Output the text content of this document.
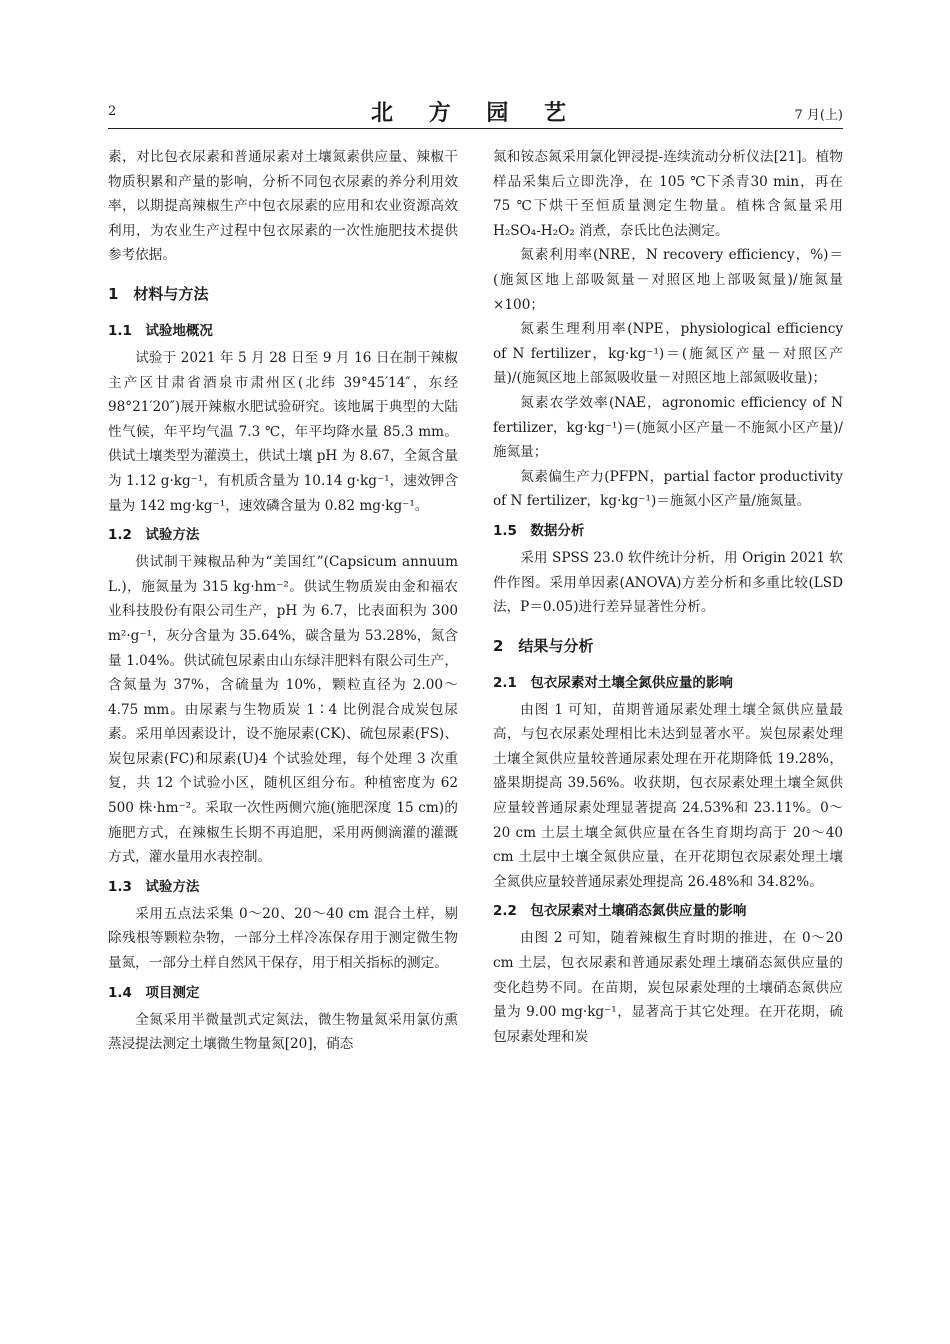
2	北 方 园 艺	7 月(上)

素，对比包衣尿素和普通尿素对土壤氮素供应量、辣椒干物质积累和产量的影响，分析不同包衣尿素的养分利用效率，以期提高辣椒生产中包衣尿素的应用和农业资源高效利用，为农业生产过程中包衣尿素的一次性施肥技术提供参考依据。

1　材料与方法
1.1　试验地概况

试验于 2021 年 5 月 28 日至 9 月 16 日在制干辣椒主产区甘肃省酒泉市肃州区(北纬 39°45′14″，东经 98°21′20″)展开辣椒水肥试验研究。该地属于典型的大陆性气候，年平均气温 7.3 ℃，年平均降水量 85.3 mm。供试土壤类型为灌漠土，供试土壤 pH 为 8.67，全氮含量为 1.12 g·kg⁻¹，有机质含量为 10.14 g·kg⁻¹，速效钾含量为 142 mg·kg⁻¹，速效磷含量为 0.82 mg·kg⁻¹。

1.2　试验方法

供试制干辣椒品种为“美国红”(Capsicum annuum L.)，施氮量为 315 kg·hm⁻²。供试生物质炭由金和福农业科技股份有限公司生产，pH 为 6.7，比表面积为 300 m²·g⁻¹，灰分含量为 35.64%，碳含量为 53.28%，氮含量 1.04%。供试硫包尿素由山东绿沣肥料有限公司生产，含氮量为 37%，含硫量为 10%，颗粒直径为 2.00～4.75 mm。由尿素与生物质炭 1∶4 比例混合成炭包尿素。采用单因素设计，设不施尿素(CK)、硫包尿素(FS)、炭包尿素(FC)和尿素(U)4 个试验处理，每个处理 3 次重复，共 12 个试验小区，随机区组分布。种植密度为 62 500 株·hm⁻²。采取一次性两侧穴施(施肥深度 15 cm)的施肥方式，在辣椒生长期不再追肥，采用两侧滴灌的灌溉方式，灌水量用水表控制。

1.3　试验方法

采用五点法采集 0～20、20～40 cm 混合土样，剔除残根等颗粒杂物，一部分土样冷冻保存用于测定微生物量氮，一部分土样自然风干保存，用于相关指标的测定。

1.4　项目测定

全氮采用半微量凯式定氮法，微生物量氮采用氯仿熏蒸浸提法测定土壤微生物量氮[20]，硝态

氮和铵态氮采用氯化钾浸提-连续流动分析仪法[21]。植物样品采集后立即洗净，在 105 ℃下杀青30 min，再在 75 ℃下烘干至恒质量测定生物量。植株含氮量采用 H₂SO₄-H₂O₂ 消煮，奈氏比色法测定。

氮素利用率(NRE，N recovery efficiency，%)＝(施氮区地上部吸氮量－对照区地上部吸氮量)/施氮量×100；

氮素生理利用率(NPE，physiological efficiency of N fertilizer，kg·kg⁻¹)＝(施氮区产量－对照区产量)/(施氮区地上部氮吸收量－对照区地上部氮吸收量)；

氮素农学效率(NAE，agronomic efficiency of N fertilizer，kg·kg⁻¹)＝(施氮小区产量－不施氮小区产量)/施氮量；

氮素偏生产力(PFPN，partial factor productivity of N fertilizer，kg·kg⁻¹)＝施氮小区产量/施氮量。

1.5　数据分析

采用 SPSS 23.0 软件统计分析，用 Origin 2021 软件作图。采用单因素(ANOVA)方差分析和多重比较(LSD 法，P＝0.05)进行差异显著性分析。

2　结果与分析
2.1　包衣尿素对土壤全氮供应量的影响

由图 1 可知，苗期普通尿素处理土壤全氮供应量最高，与包衣尿素处理相比未达到显著水平。炭包尿素处理土壤全氮供应量较普通尿素处理在开花期降低 19.28%，盛果期提高 39.56%。收获期，包衣尿素处理土壤全氮供应量较普通尿素处理显著提高 24.53%和 23.11%。0～20 cm 土层土壤全氮供应量在各生育期均高于 20～40 cm 土层中土壤全氮供应量，在开花期包衣尿素处理土壤全氮供应量较普通尿素处理提高 26.48%和 34.82%。

2.2　包衣尿素对土壤硝态氮供应量的影响

由图 2 可知，随着辣椒生育时期的推进，在 0～20 cm 土层，包衣尿素和普通尿素处理土壤硝态氮供应量的变化趋势不同。在苗期，炭包尿素处理的土壤硝态氮供应量为 9.00 mg·kg⁻¹，显著高于其它处理。在开花期，硫包尿素处理和炭
